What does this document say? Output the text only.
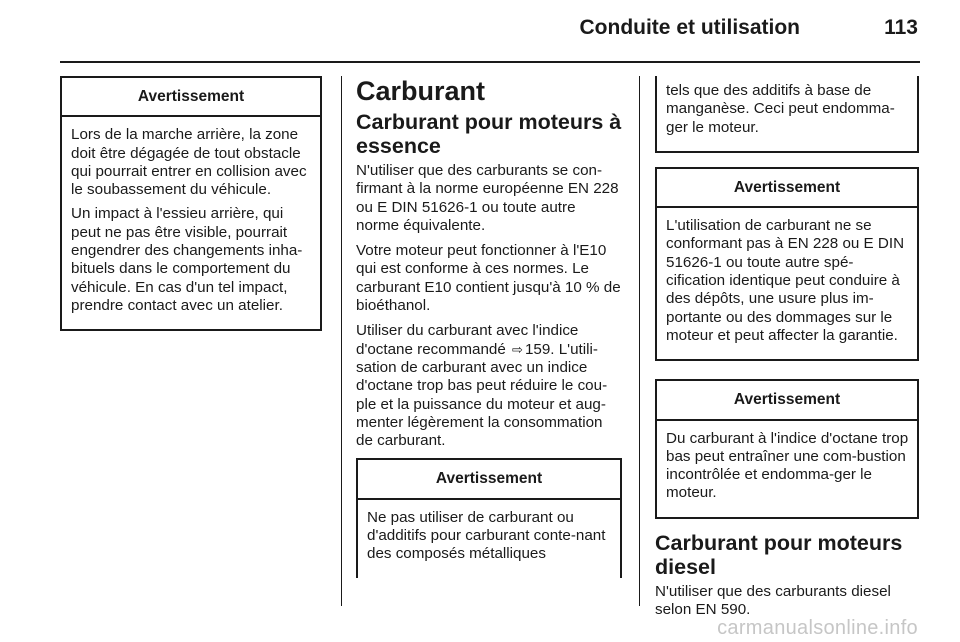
Conduite et utilisation	113
Avertissement

Lors de la marche arrière, la zone doit être dégagée de tout obstacle qui pourrait entrer en collision avec le soubassement du véhicule.

Un impact à l'essieu arrière, qui peut ne pas être visible, pourrait engendrer des changements inha-bituels dans le comportement du véhicule. En cas d'un tel impact, prendre contact avec un atelier.

Carburant
Carburant pour moteurs à essence

N'utiliser que des carburants se con-firmant à la norme européenne EN 228 ou E DIN 51626-1 ou toute autre norme équivalente.

Votre moteur peut fonctionner à l'E10 qui est conforme à ces normes. Le carburant E10 contient jusqu'à 10 % de bioéthanol.

Utiliser du carburant avec l'indice d'octane recommandé ⇨ 159. L'utili-sation de carburant avec un indice d'octane trop bas peut réduire le cou-ple et la puissance du moteur et aug-menter légèrement la consommation de carburant.

Avertissement

Ne pas utiliser de carburant ou d'additifs pour carburant conte-nant des composés métalliques

tels que des additifs à base de manganèse. Ceci peut endomma-ger le moteur.

Avertissement

L'utilisation de carburant ne se conformant pas à EN 228 ou E DIN 51626-1 ou toute autre spé-cification identique peut conduire à des dépôts, une usure plus im-portante ou des dommages sur le moteur et peut affecter la garantie.

Avertissement

Du carburant à l'indice d'octane trop bas peut entraîner une com-bustion incontrôlée et endomma-ger le moteur.

Carburant pour moteurs diesel

N'utiliser que des carburants diesel selon EN 590.

carmanualsonline.info
